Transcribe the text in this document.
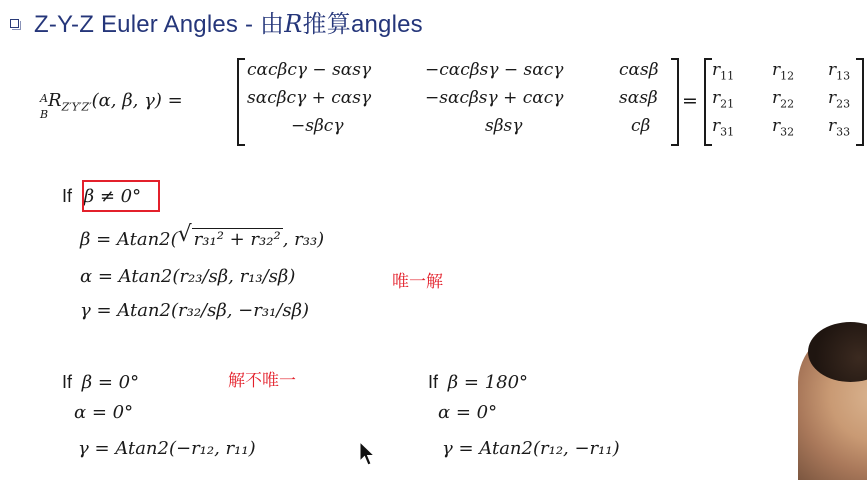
Z-Y-Z Euler Angles - 由R推算angles
A
B
$R_{Z'Y'Z'}(\alpha$, β, γ) =
cαcβcγ − sαsγ	−cαcβsγ − sαcγ	cαsβ
sαcβcγ + cαsγ	−sαcβsγ + cαcγ	sαsβ
−sβcγ	sβsγ	cβ
=
$r_{11}$ $r_{12}$ $r_{13}$
$r_{21}$ $r_{22}$ $r_{23}$
$r_{31}$ $r_{32}$ $r_{33}$
If β ≠ 0°
β = Atan2( √ r₃₁² + r₃₂² , r₃₃)
α = Atan2(r₂₃/sβ, r₁₃/sβ)	唯一解
γ = Atan2(r₃₂/sβ, −r₃₁/sβ)
If β = 0°	解不唯一
α = 0°
γ = Atan2(−r₁₂, r₁₁)
If β = 180°
α = 0°
γ = Atan2(r₁₂, −r₁₁)
